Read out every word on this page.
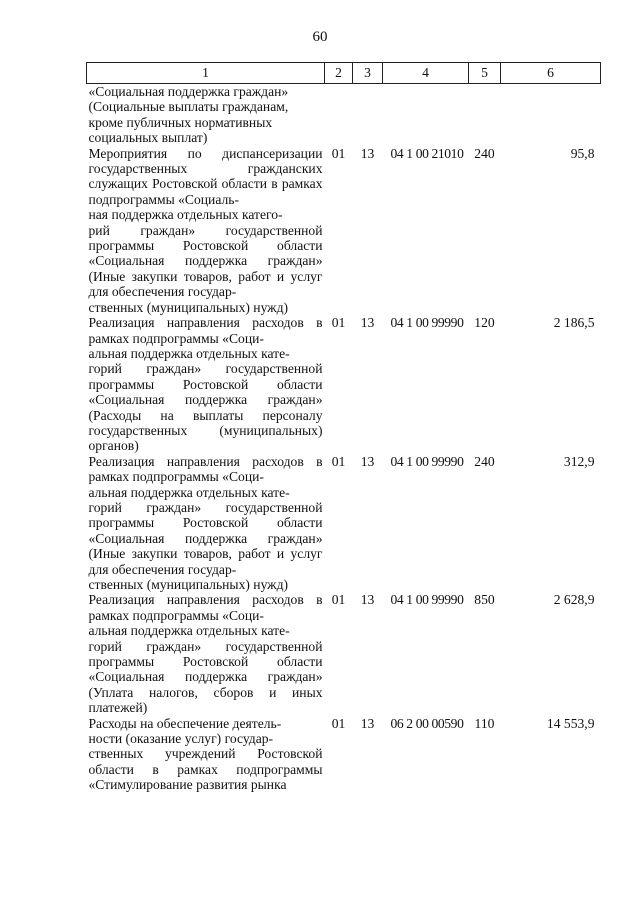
60
1	2	3	4	5	6
«Социальная поддержка граждан»
(Социальные выплаты гражданам,
кроме публичных нормативных
социальных выплат)					
Мероприятия по диспансеризации государственных гражданских служащих Ростовской области в рамках подпрограммы «Социаль-
ная поддержка отдельных катего-
рий граждан» государственной программы Ростовской области «Социальная поддержка граждан» (Иные закупки товаров, работ и услуг для обеспечения государ-
ственных (муниципальных) нужд)	01	13	04 1 00 21010	240	95,8
Реализация направления расходов в рамках подпрограммы «Соци-
альная поддержка отдельных кате-
горий граждан» государственной программы Ростовской области «Социальная поддержка граждан» (Расходы на выплаты персоналу государственных (муниципальных) органов)	01	13	04 1 00 99990	120	2 186,5
Реализация направления расходов в рамках подпрограммы «Соци-
альная поддержка отдельных кате-
горий граждан» государственной программы Ростовской области «Социальная поддержка граждан» (Иные закупки товаров, работ и услуг для обеспечения государ-
ственных (муниципальных) нужд)	01	13	04 1 00 99990	240	312,9
Реализация направления расходов в рамках подпрограммы «Соци-
альная поддержка отдельных кате-
горий граждан» государственной программы Ростовской области «Социальная поддержка граждан» (Уплата налогов, сборов и иных платежей)	01	13	04 1 00 99990	850	2 628,9
Расходы на обеспечение деятель-
ности (оказание услуг) государ-
ственных учреждений Ростовской области в рамках подпрограммы «Стимулирование развития рынка	01	13	06 2 00 00590	110	14 553,9
